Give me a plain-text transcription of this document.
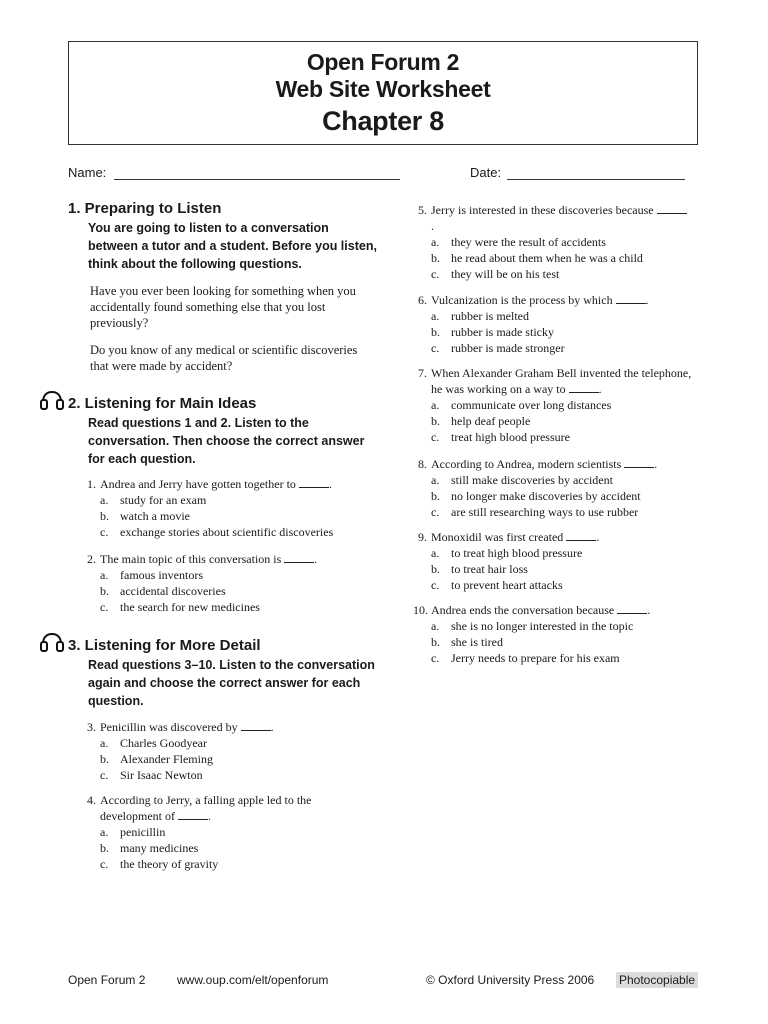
Open Forum 2
Web Site Worksheet
Chapter 8
Name:	Date:
1. Preparing to Listen
You are going to listen to a conversation between a tutor and a student. Before you listen, think about the following questions.
Have you ever been looking for something when you accidentally found something else that you lost previously?
Do you know of any medical or scientific discoveries that were made by accident?
2. Listening for Main Ideas
Read questions 1 and 2. Listen to the conversation. Then choose the correct answer for each question.
1. Andrea and Jerry have gotten together to	.
a. study for an exam
b. watch a movie
c. exchange stories about scientific discoveries
2. The main topic of this conversation is	.
a. famous inventors
b. accidental discoveries
c. the search for new medicines
3. Listening for More Detail
Read questions 3–10. Listen to the conversation again and choose the correct answer for each question.
3. Penicillin was discovered by	.
a. Charles Goodyear
b. Alexander Fleming
c. Sir Isaac Newton
4. According to Jerry, a falling apple led to the development of	.
a. penicillin
b. many medicines
c. the theory of gravity
5. Jerry is interested in these discoveries because .
a. they were the result of accidents
b. he read about them when he was a child
c. they will be on his test
6. Vulcanization is the process by which	.
a. rubber is melted
b. rubber is made sticky
c. rubber is made stronger
7. When Alexander Graham Bell invented the telephone, he was working on a way to	.
a. communicate over long distances
b. help deaf people
c. treat high blood pressure
8. According to Andrea, modern scientists	.
a. still make discoveries by accident
b. no longer make discoveries by accident
c. are still researching ways to use rubber
9. Monoxidil was first created	.
a. to treat high blood pressure
b. to treat hair loss
c. to prevent heart attacks
10. Andrea ends the conversation because	.
a. she is no longer interested in the topic
b. she is tired
c. Jerry needs to prepare for his exam
Open Forum 2	www.oup.com/elt/openforum	© Oxford University Press 2006 Photocopiable
